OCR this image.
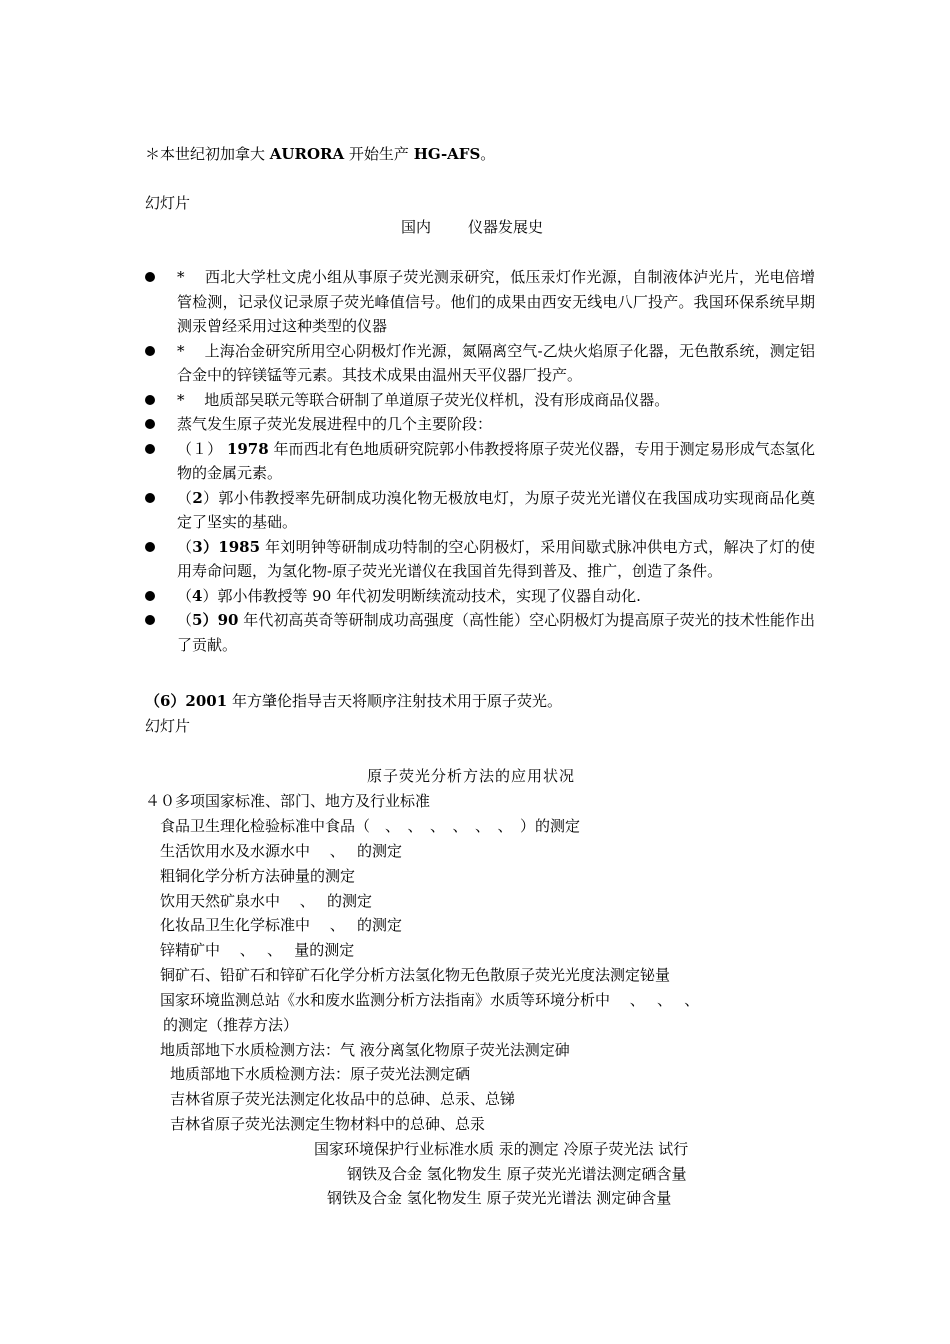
＊本世纪初加拿大 AURORA 开始生产 HG-AFS。
幻灯片
国内 仪器发展史
*　 西北大学杜文虎小组从事原子荧光测汞研究，低压汞灯作光源，自制液体泸光片，光电倍增管检测，记录仪记录原子荧光峰值信号。他们的成果由西安无线电八厂投产。我国环保系统早期测汞曾经采用过这种类型的仪器
*　 上海冶金研究所用空心阴极灯作光源，氮隔离空气-乙炔火焰原子化器，无色散系统，测定铝合金中的锌镁锰等元素。其技术成果由温州天平仪器厂投产。
*　 地质部吴联元等联合研制了单道原子荧光仪样机，没有形成商品仪器。
蒸气发生原子荧光发展进程中的几个主要阶段：
（１） 1978 年而西北有色地质研究院郭小伟教授将原子荧光仪器，专用于测定易形成气态氢化物的金属元素。
（2）郭小伟教授率先研制成功溴化物无极放电灯，为原子荧光光谱仪在我国成功实现商品化奠定了坚实的基础。
（3）1985 年刘明钟等研制成功特制的空心阴极灯，采用间歇式脉冲供电方式，解决了灯的使用寿命问题，为氢化物-原子荧光光谱仪在我国首先得到普及、推广，创造了条件。
（4）郭小伟教授等 90 年代初发明断续流动技术，实现了仪器自动化.
（5）90 年代初高英奇等研制成功高强度（高性能）空心阴极灯为提高原子荧光的技术性能作出了贡献。
（6）2001 年方肇伦指导吉天将顺序注射技术用于原子荧光。
幻灯片
原子荧光分析方法的应用状况
４０多项国家标准、部门、地方及行业标准
食品卫生理化检验标准中食品（　、　、　、　、　、　、　）的测定
生活饮用水及水源水中　 、　 的测定
粗铜化学分析方法砷量的测定
饮用天然矿泉水中　 、　 的测定
化妆品卫生化学标准中　 、　 的测定
锌精矿中　 、　 、　 量的测定
铜矿石、铅矿石和锌矿石化学分析方法氢化物无色散原子荧光光度法测定铋量
国家环境监测总站《水和废水监测分析方法指南》水质等环境分析中　 、　 、　 、
的测定（推荐方法）
地质部地下水质检测方法：气 液分离氢化物原子荧光法测定砷
地质部地下水质检测方法：原子荧光法测定硒
吉林省原子荧光法测定化妆品中的总砷、总汞、总锑
吉林省原子荧光法测定生物材料中的总砷、总汞
国家环境保护行业标准水质 汞的测定 冷原子荧光法 试行
钢铁及合金 氢化物发生 原子荧光光谱法测定硒含量
钢铁及合金 氢化物发生 原子荧光光谱法 测定砷含量
